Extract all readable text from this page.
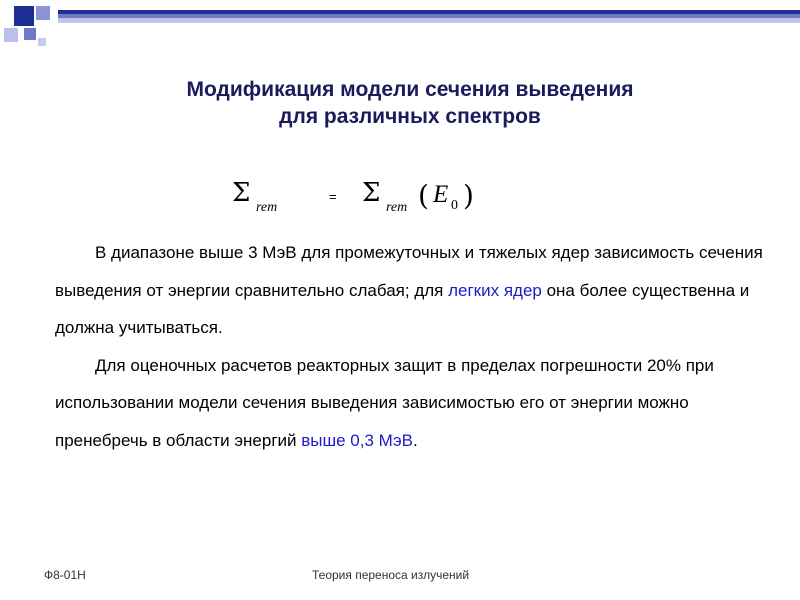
Модификация модели сечения выведения
для различных спектров
Σ rem
= Σ rem ( E 0 )

В диапазоне выше 3 МэВ для промежуточных и тяжелых ядер зависимость сечения выведения от энергии сравнительно слабая; для легких ядер она более существенна и должна учитываться.

Для оценочных расчетов реакторных защит в пределах погрешности 20% при использовании модели сечения выведения зависимостью его от энергии можно пренебречь в области энергий выше 0,3 МэВ.

Ф8-01Н	Теория переноса излучений
